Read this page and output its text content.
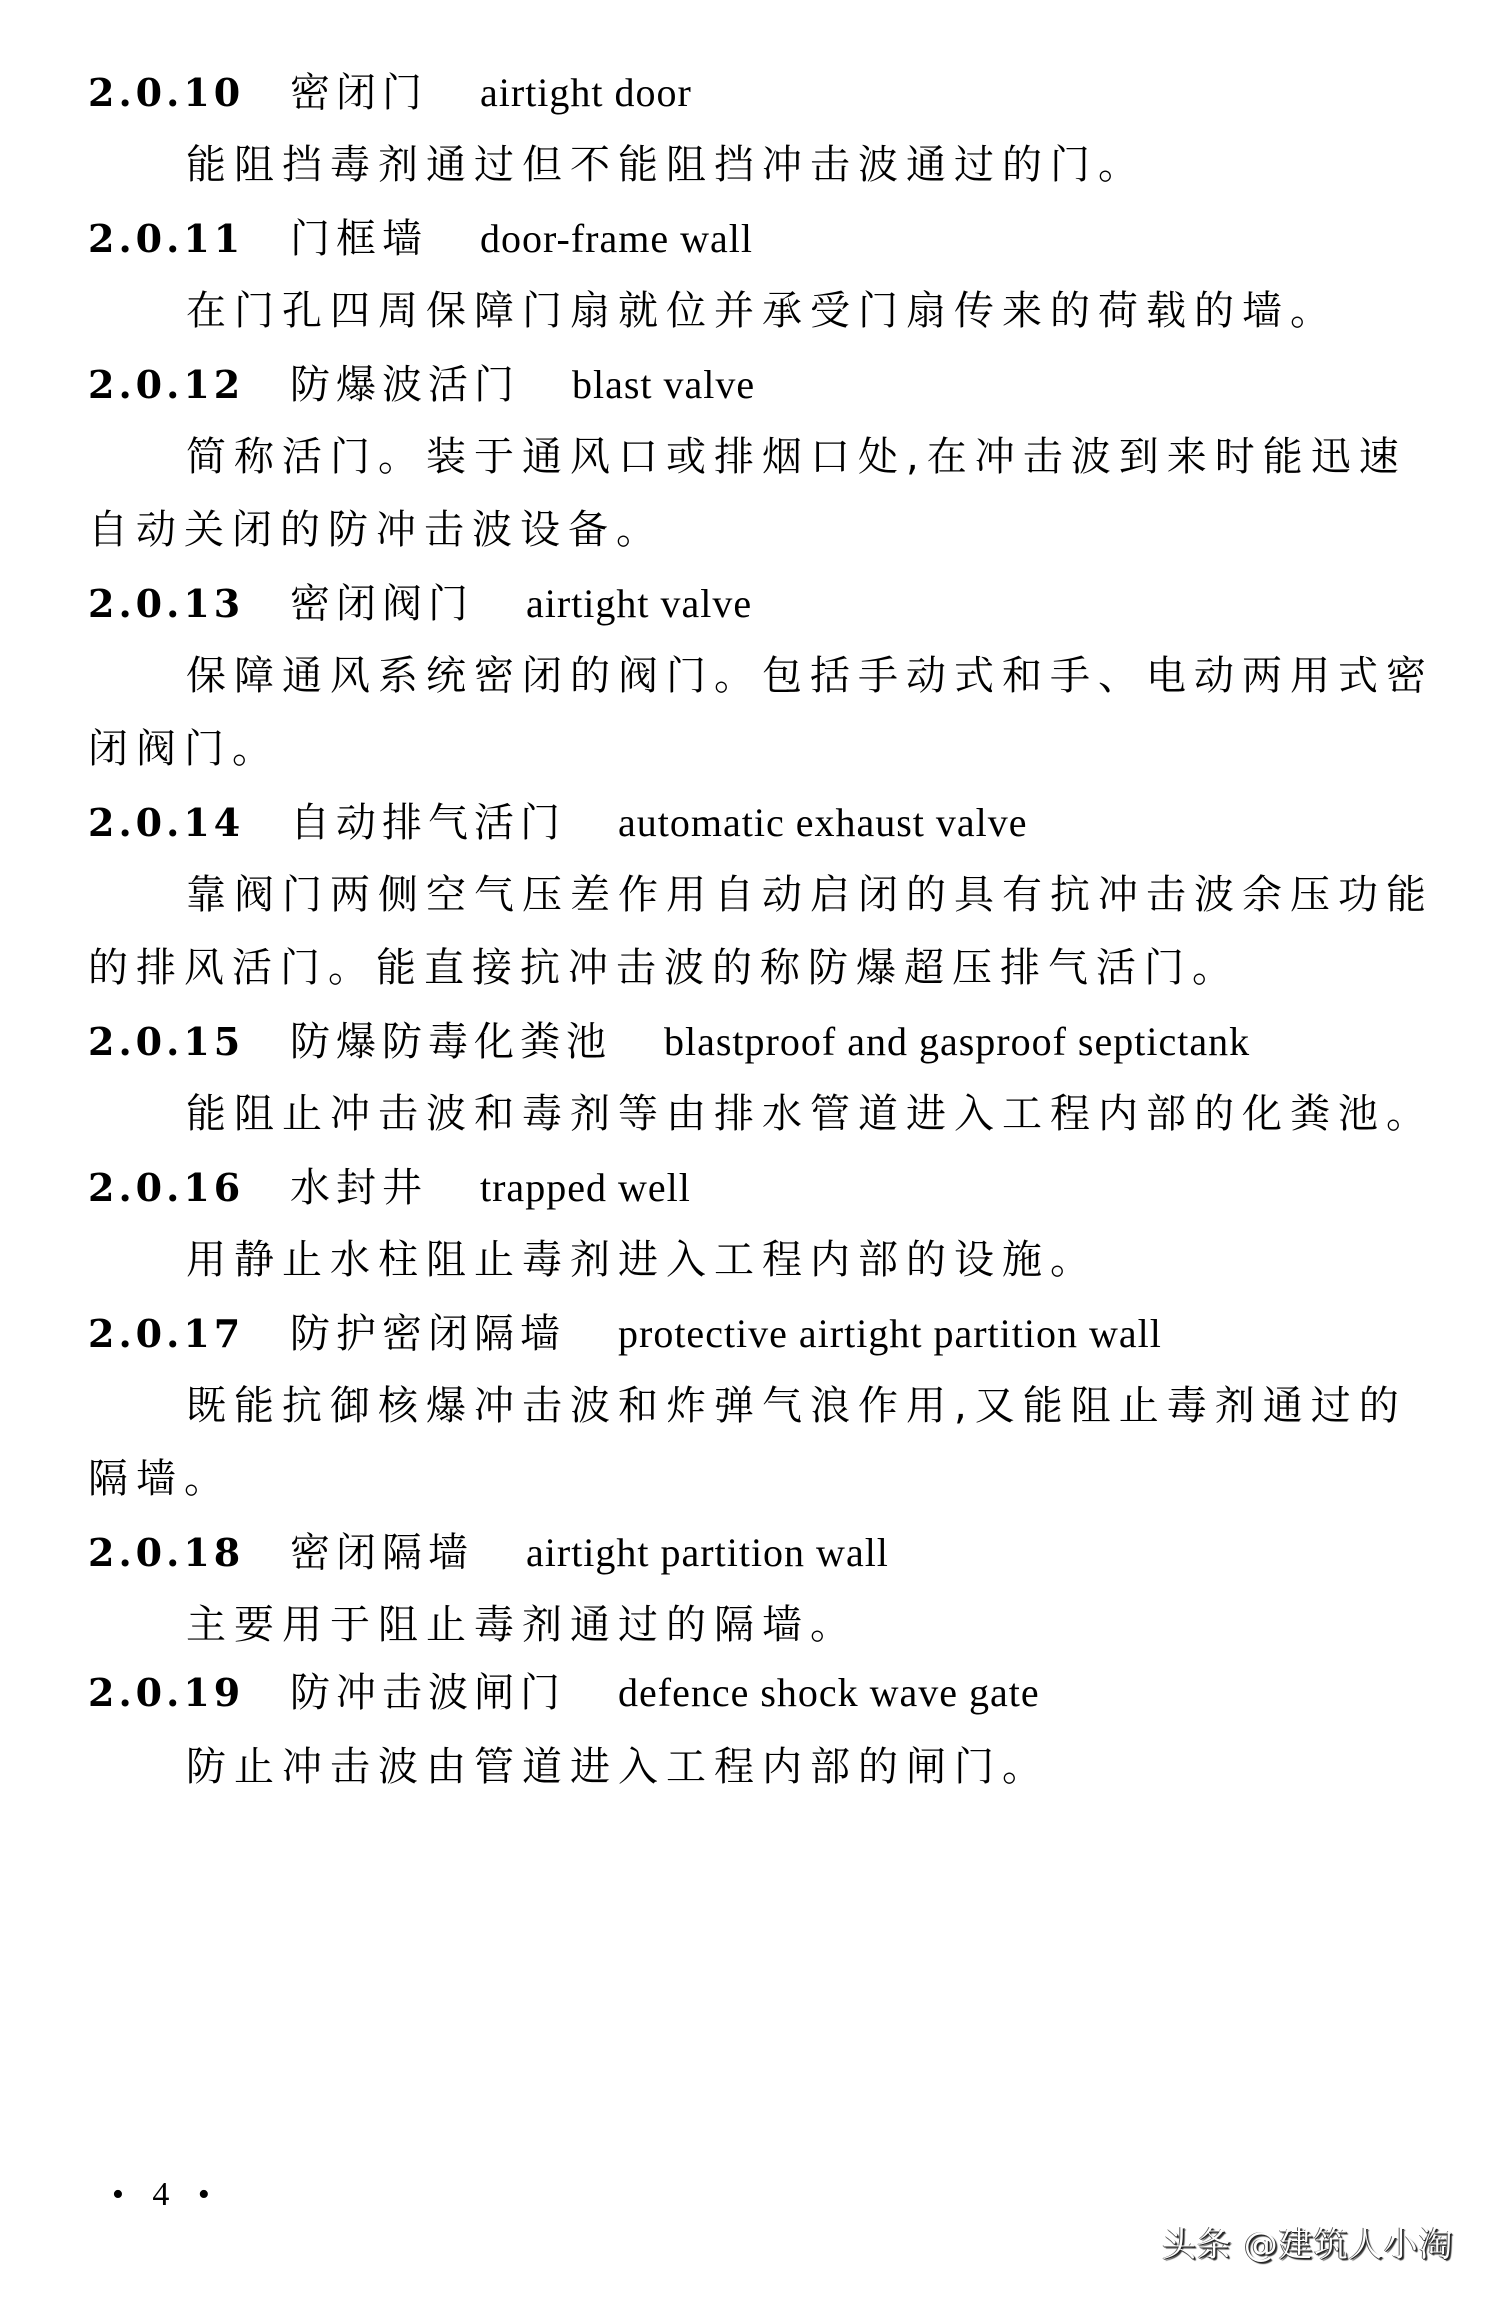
2.0.10 密闭门 airtight door
能阻挡毒剂通过但不能阻挡冲击波通过的门。
2.0.11 门框墙 door-frame wall
在门孔四周保障门扇就位并承受门扇传来的荷载的墙。
2.0.12 防爆波活门 blast valve
简称活门。装于通风口或排烟口处,在冲击波到来时能迅速
自动关闭的防冲击波设备。
2.0.13 密闭阀门 airtight valve
保障通风系统密闭的阀门。包括手动式和手、电动两用式密
闭阀门。
2.0.14 自动排气活门 automatic exhaust valve
靠阀门两侧空气压差作用自动启闭的具有抗冲击波余压功能
的排风活门。能直接抗冲击波的称防爆超压排气活门。
2.0.15 防爆防毒化粪池 blastproof and gasproof septictank
能阻止冲击波和毒剂等由排水管道进入工程内部的化粪池。
2.0.16 水封井 trapped well
用静止水柱阻止毒剂进入工程内部的设施。
2.0.17 防护密闭隔墙 protective airtight partition wall
既能抗御核爆冲击波和炸弹气浪作用,又能阻止毒剂通过的
隔墙。
2.0.18 密闭隔墙 airtight partition wall
主要用于阻止毒剂通过的隔墙。
2.0.19 防冲击波闸门 defence shock wave gate
防止冲击波由管道进入工程内部的闸门。
• 4 •
头条 @建筑人小淘
